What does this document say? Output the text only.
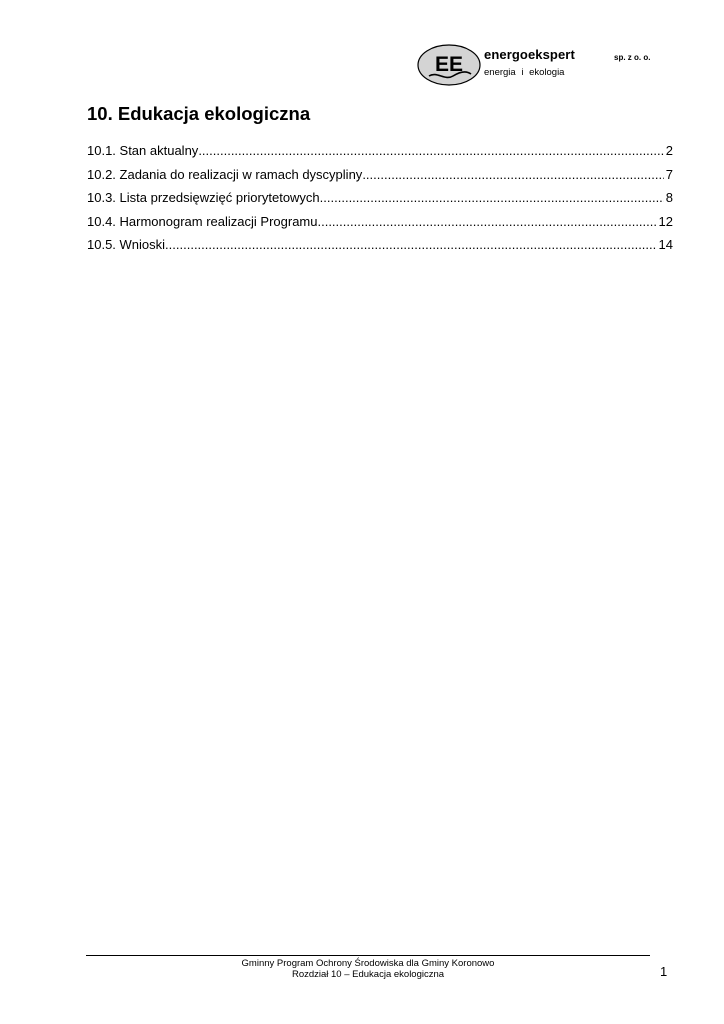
EE energoekspert	sp. z o. o.
energia i ekologia
10. Edukacja ekologiczna
10.1. Stan aktualny .....	2
10.2. Zadania do realizacji w ramach dyscypliny .....	7
10.3. Lista przedsięwzięć priorytetowych .....	8
10.4. Harmonogram realizacji Programu .....	12
10.5. Wnioski .....	14
Gminny Program Ochrony Środowiska dla Gminy Koronowo
Rozdział 10 – Edukacja ekologiczna	1
